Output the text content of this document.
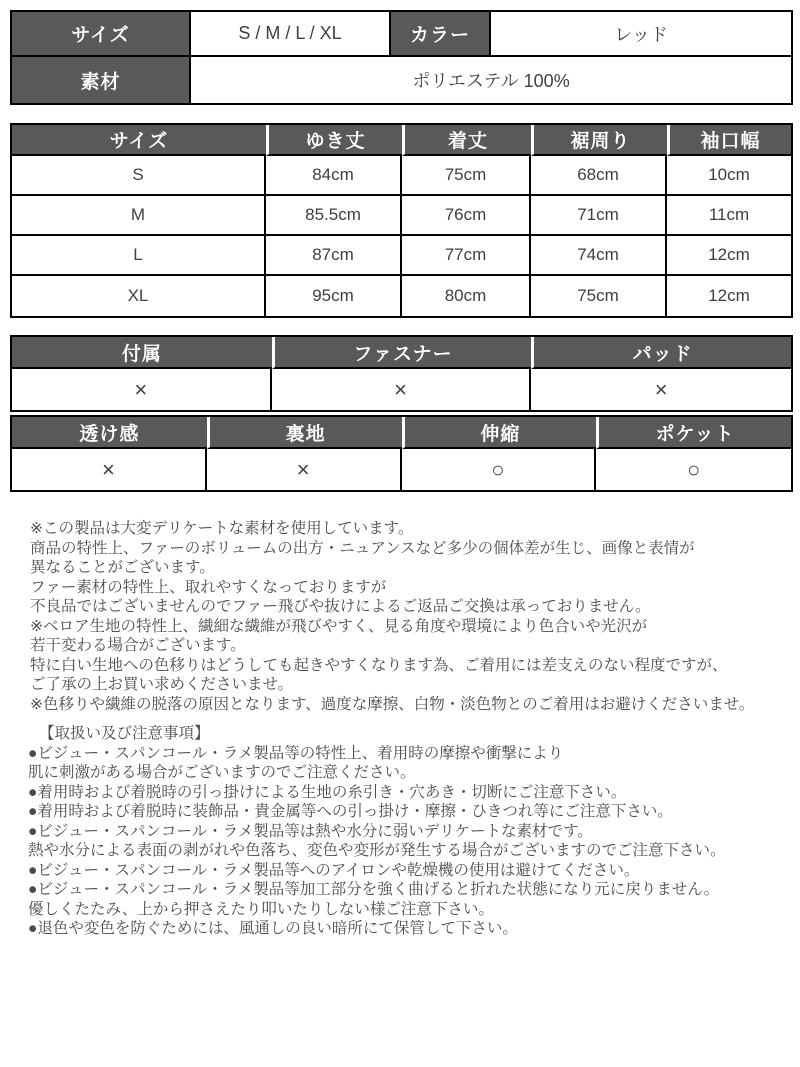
サイズ	S / M / L / XL	カラー	レッド
素材	ポリエステル 100%
サイズ	ゆき丈	着丈	裾周り	袖口幅
S	84cm	75cm	68cm	10cm
M	85.5cm	76cm	71cm	11cm
L	87cm	77cm	74cm	12cm
XL	95cm	80cm	75cm	12cm
付属	ファスナー	パッド
×	×	×
透け感	裏地	伸縮	ポケット
×	×	○	○
※この製品は大変デリケートな素材を使用しています。
商品の特性上、ファーのボリュームの出方・ニュアンスなど多少の個体差が生じ、画像と表情が
異なることがございます。
ファー素材の特性上、取れやすくなっておりますが
不良品ではございませんのでファー飛びや抜けによるご返品ご交換は承っておりません。
※ベロア生地の特性上、繊細な繊維が飛びやすく、見る角度や環境により色合いや光沢が
若干変わる場合がございます。
特に白い生地への色移りはどうしても起きやすくなります為、ご着用には差支えのない程度ですが、
ご了承の上お買い求めくださいませ。
※色移りや繊維の脱落の原因となります、過度な摩擦、白物・淡色物とのご着用はお避けくださいませ。
【取扱い及び注意事項】
●ビジュー・スパンコール・ラメ製品等の特性上、着用時の摩擦や衝撃により
肌に刺激がある場合がございますのでご注意ください。
●着用時および着脱時の引っ掛けによる生地の糸引き・穴あき・切断にご注意下さい。
●着用時および着脱時に装飾品・貴金属等への引っ掛け・摩擦・ひきつれ等にご注意下さい。
●ビジュー・スパンコール・ラメ製品等は熱や水分に弱いデリケートな素材です。
熱や水分による表面の剥がれや色落ち、変色や変形が発生する場合がございますのでご注意下さい。
●ビジュー・スパンコール・ラメ製品等へのアイロンや乾燥機の使用は避けてください。
●ビジュー・スパンコール・ラメ製品等加工部分を強く曲げると折れた状態になり元に戻りません。
優しくたたみ、上から押さえたり叩いたりしない様ご注意下さい。
●退色や変色を防ぐためには、風通しの良い暗所にて保管して下さい。
